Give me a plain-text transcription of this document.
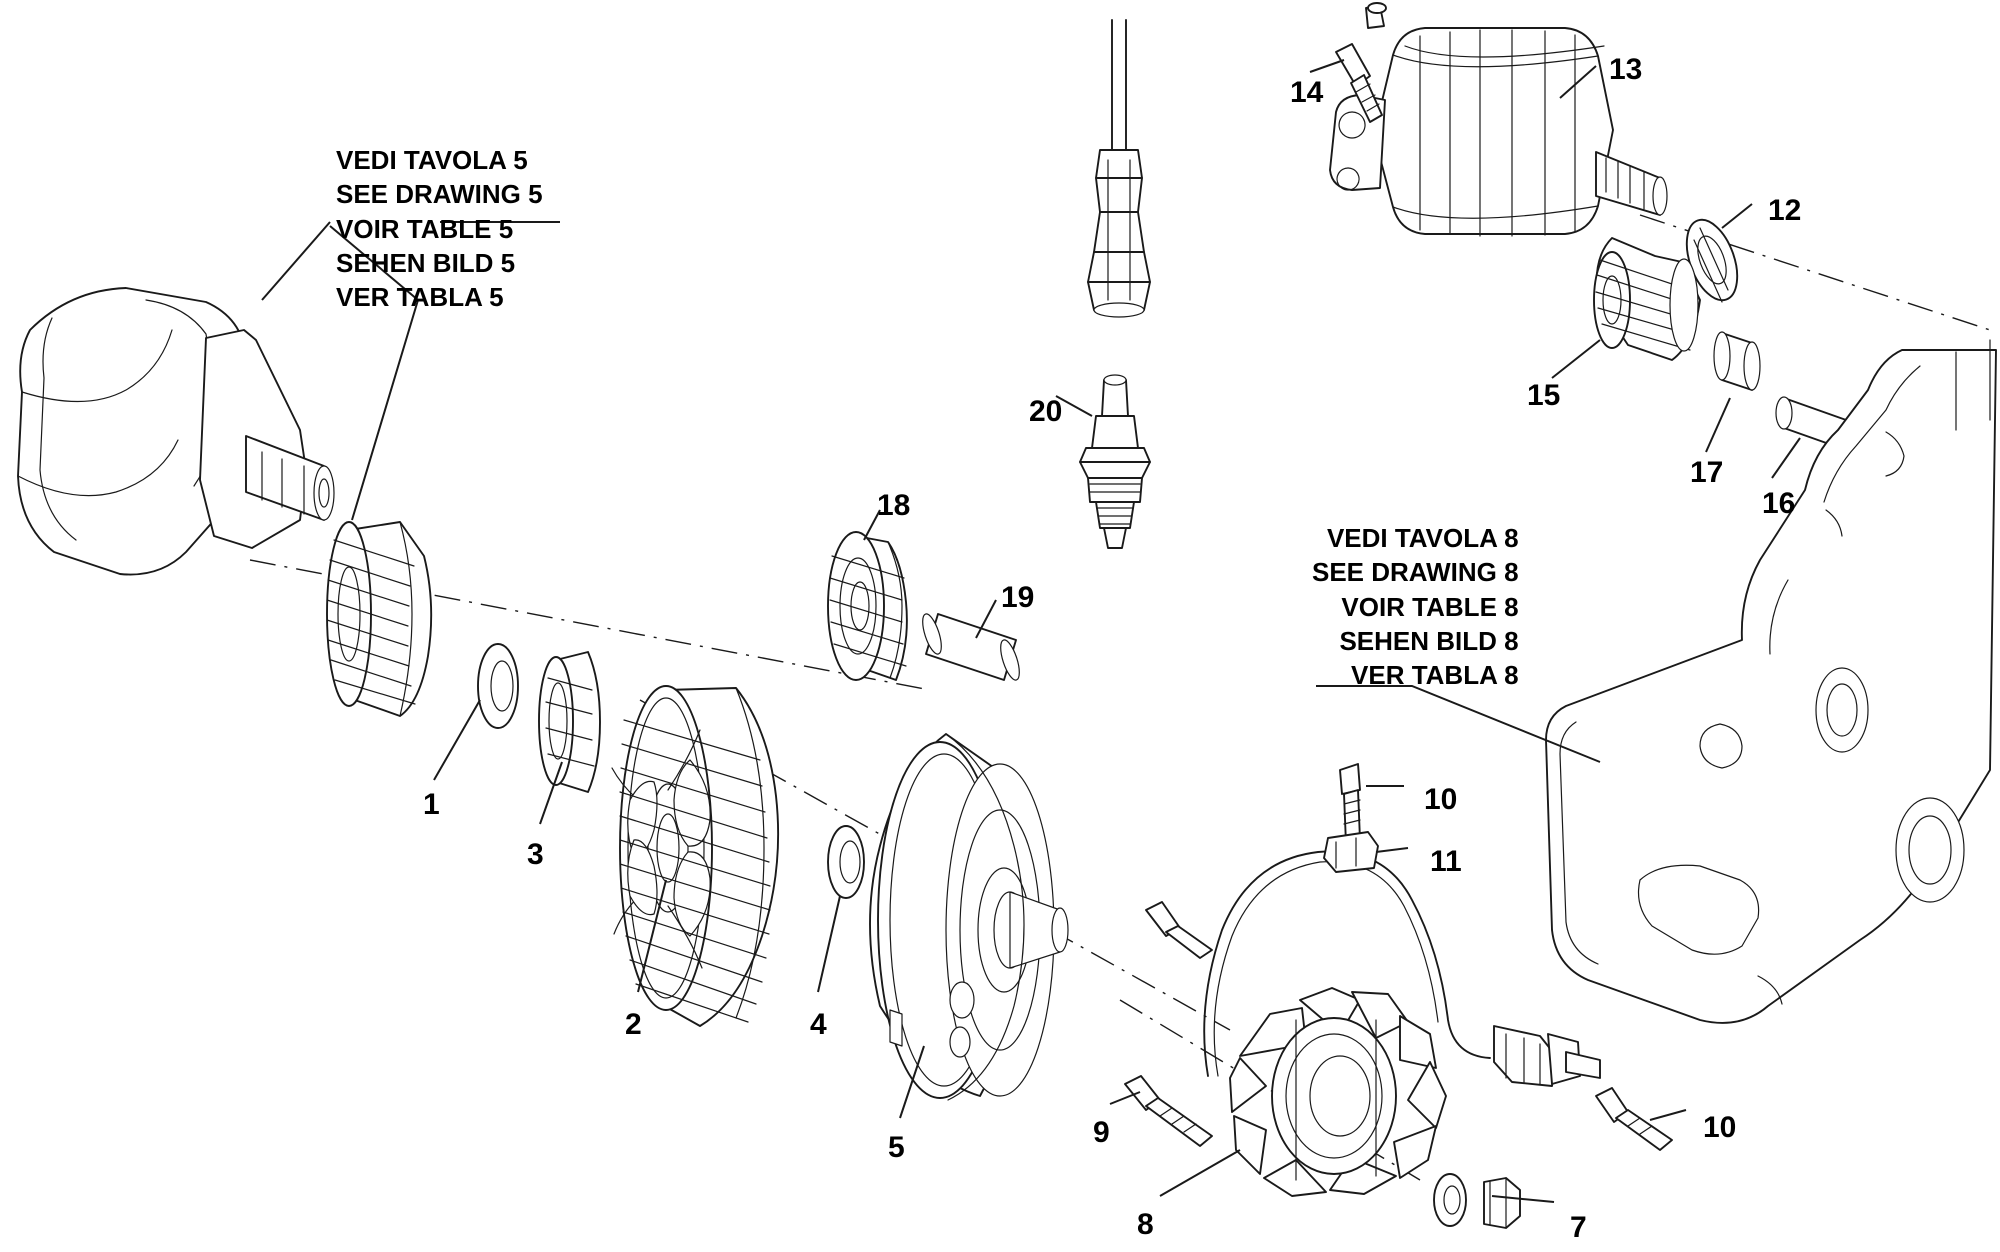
VEDI TAVOLA 5
SEE DRAWING 5
VOIR TABLE 5
SEHEN BILD 5
VER TABLA 5
VEDI TAVOLA 8
SEE DRAWING 8
VOIR TABLE 8
SEHEN BILD 8
VER TABLA 8
1
2
3
4
5
7
8
9
10
10
11
12
13
14
15
16
17
18
19
20
